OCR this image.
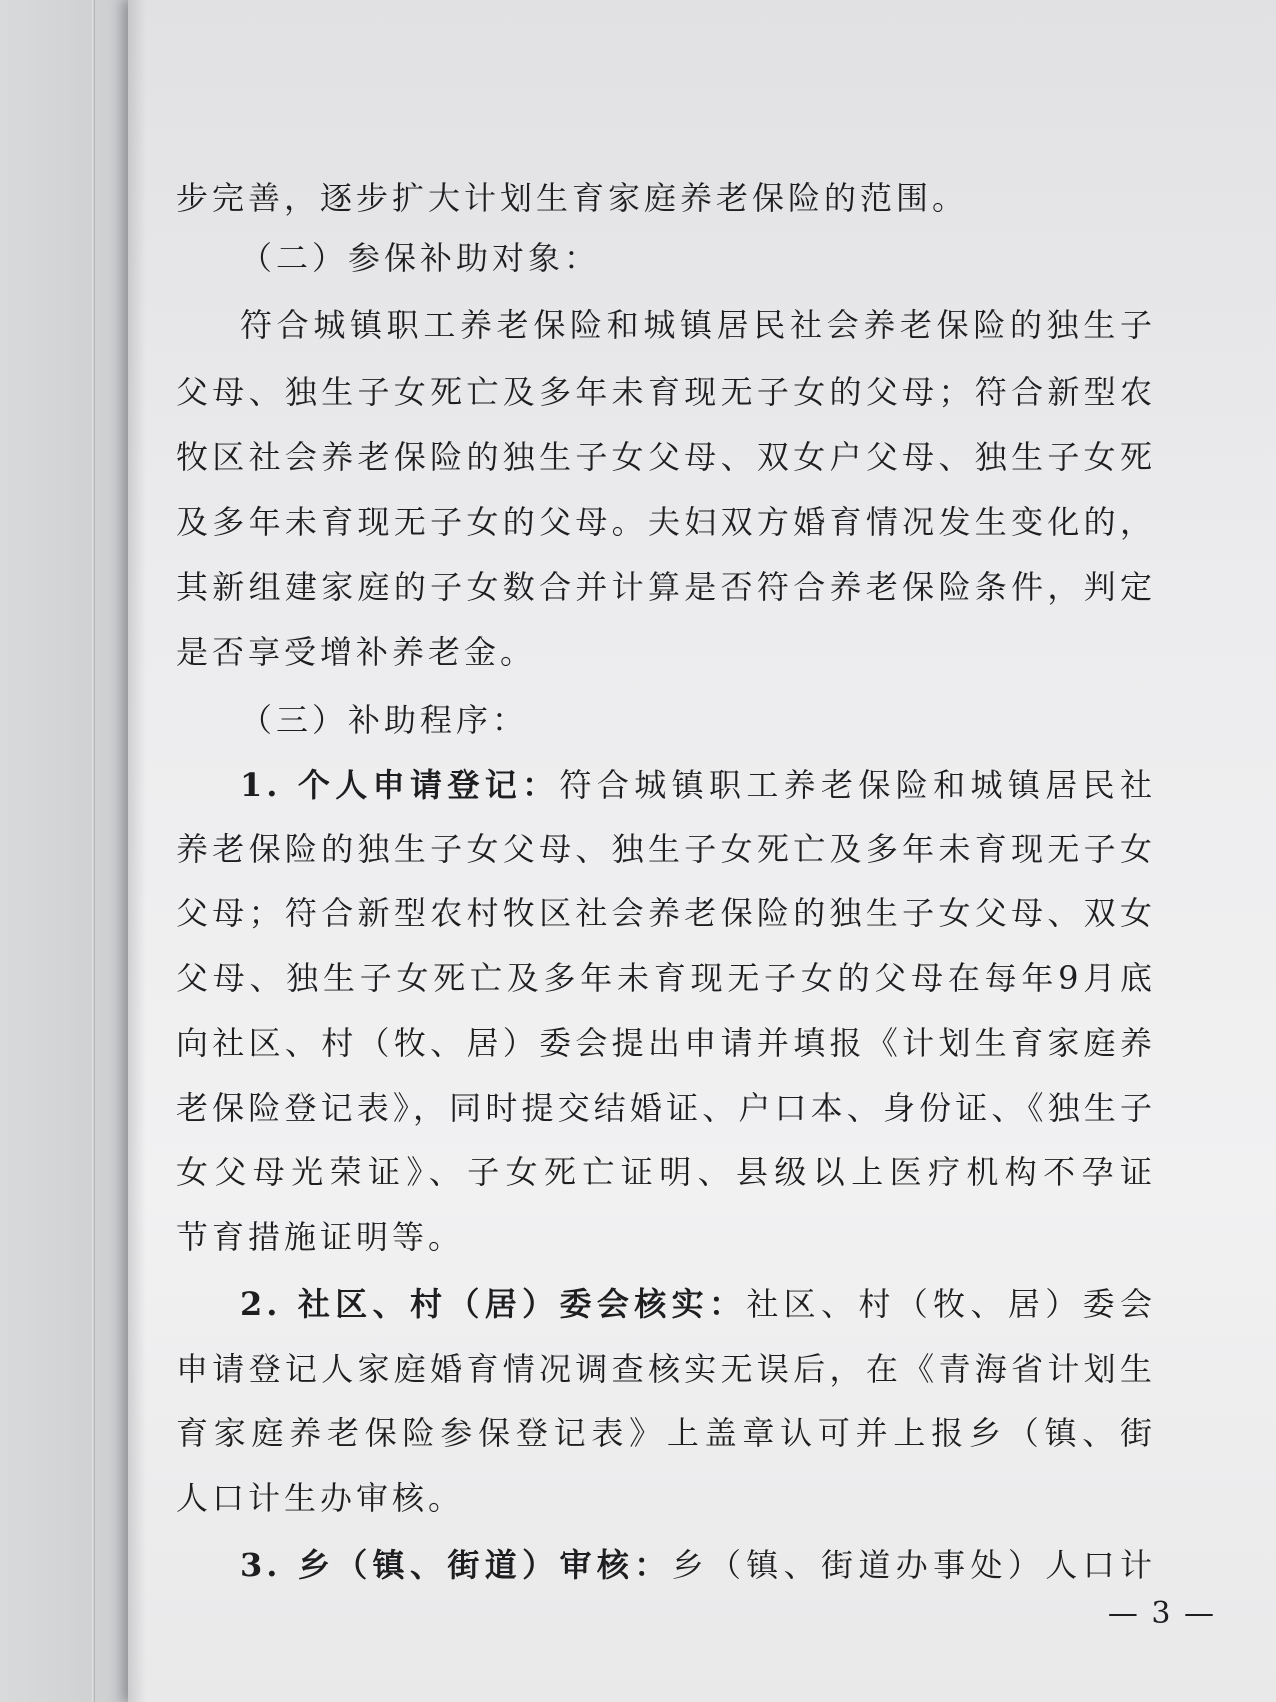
步完善，逐步扩大计划生育家庭养老保险的范围。
（二）参保补助对象：
符合城镇职工养老保险和城镇居民社会养老保险的独生子
父母、独生子女死亡及多年未育现无子女的父母；符合新型农
牧区社会养老保险的独生子女父母、双女户父母、独生子女死
及多年未育现无子女的父母。夫妇双方婚育情况发生变化的，
其新组建家庭的子女数合并计算是否符合养老保险条件，判定
是否享受增补养老金。
（三）补助程序：
1. 个人申请登记：符合城镇职工养老保险和城镇居民社
养老保险的独生子女父母、独生子女死亡及多年未育现无子女
父母；符合新型农村牧区社会养老保险的独生子女父母、双女
父母、独生子女死亡及多年未育现无子女的父母在每年9月底
向社区、村（牧、居）委会提出申请并填报《计划生育家庭养
老保险登记表》，同时提交结婚证、户口本、身份证、《独生子
女父母光荣证》、子女死亡证明、县级以上医疗机构不孕证
节育措施证明等。
2. 社区、村（居）委会核实：社区、村（牧、居）委会
申请登记人家庭婚育情况调查核实无误后，在《青海省计划生
育家庭养老保险参保登记表》上盖章认可并上报乡（镇、街
人口计生办审核。
3. 乡（镇、街道）审核：乡（镇、街道办事处）人口计
— 3 —
